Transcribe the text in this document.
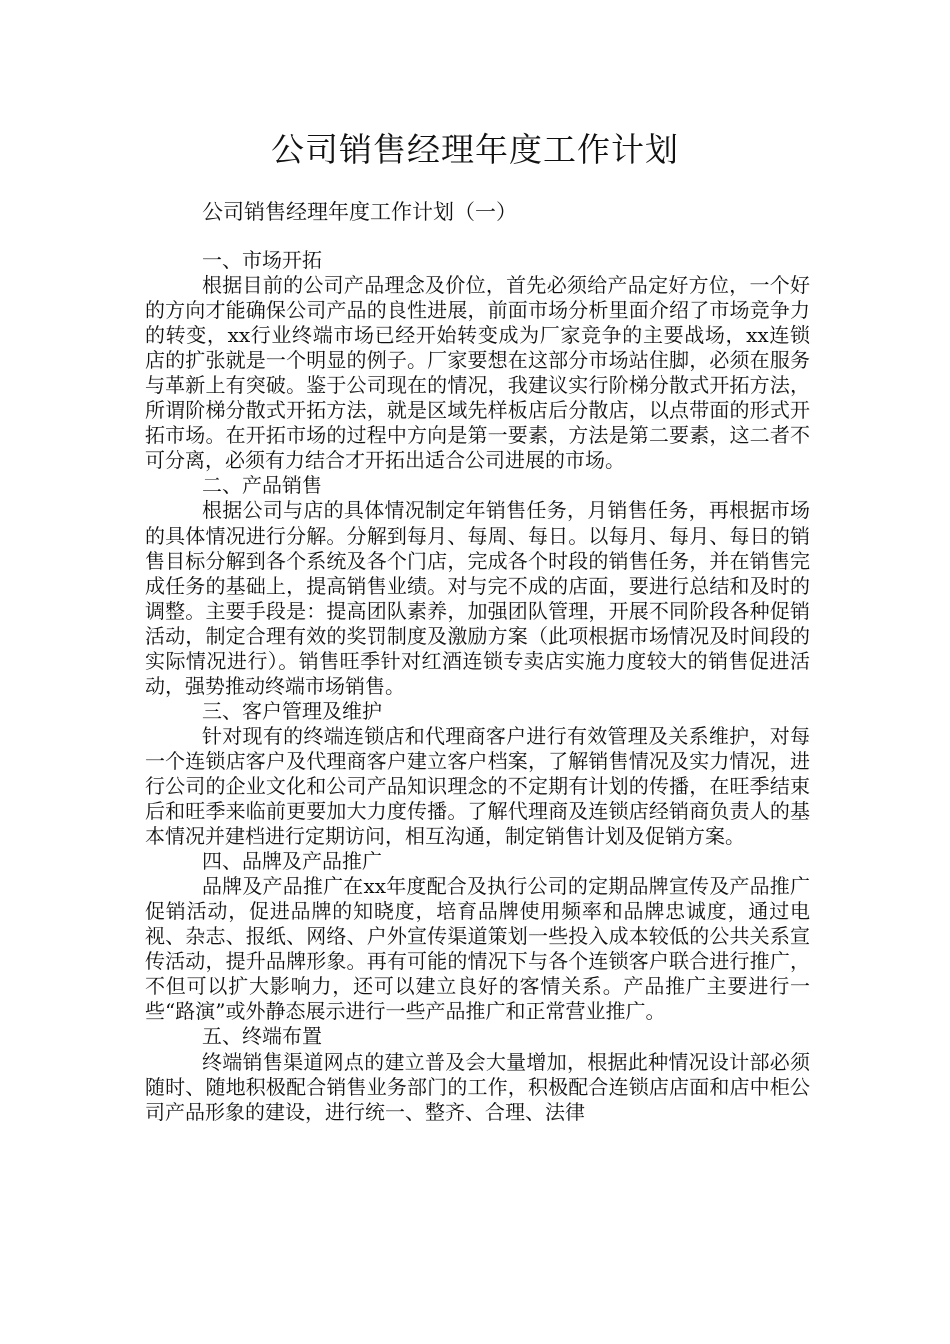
公司销售经理年度工作计划
公司销售经理年度工作计划（一）

一、市场开拓

根据目前的公司产品理念及价位，首先必须给产品定好方位，一个好的方向才能确保公司产品的良性进展，前面市场分析里面介绍了市场竞争力的转变，xx行业终端市场已经开始转变成为厂家竞争的主要战场，xx连锁店的扩张就是一个明显的例子。厂家要想在这部分市场站住脚，必须在服务与革新上有突破。鉴于公司现在的情况，我建议实行阶梯分散式开拓方法，所谓阶梯分散式开拓方法，就是区域先样板店后分散店，以点带面的形式开拓市场。在开拓市场的过程中方向是第一要素，方法是第二要素，这二者不可分离，必须有力结合才开拓出适合公司进展的市场。

二、产品销售

根据公司与店的具体情况制定年销售任务，月销售任务，再根据市场的具体情况进行分解。分解到每月、每周、每日。以每月、每月、每日的销售目标分解到各个系统及各个门店，完成各个时段的销售任务，并在销售完成任务的基础上，提高销售业绩。对与完不成的店面，要进行总结和及时的调整。主要手段是：提高团队素养，加强团队管理，开展不同阶段各种促销活动，制定合理有效的奖罚制度及激励方案（此项根据市场情况及时间段的实际情况进行）。销售旺季针对红酒连锁专卖店实施力度较大的销售促进活动，强势推动终端市场销售。

三、客户管理及维护

针对现有的终端连锁店和代理商客户进行有效管理及关系维护，对每一个连锁店客户及代理商客户建立客户档案，了解销售情况及实力情况，进行公司的企业文化和公司产品知识理念的不定期有计划的传播，在旺季结束后和旺季来临前更要加大力度传播。了解代理商及连锁店经销商负责人的基本情况并建档进行定期访问，相互沟通，制定销售计划及促销方案。

四、品牌及产品推广

品牌及产品推广在xx年度配合及执行公司的定期品牌宣传及产品推广促销活动，促进品牌的知晓度，培育品牌使用频率和品牌忠诚度，通过电视、杂志、报纸、网络、户外宣传渠道策划一些投入成本较低的公共关系宣传活动，提升品牌形象。再有可能的情况下与各个连锁客户联合进行推广，不但可以扩大影响力，还可以建立良好的客情关系。产品推广主要进行一些“路演”或外静态展示进行一些产品推广和正常营业推广。

五、终端布置

终端销售渠道网点的建立普及会大量增加，根据此种情况设计部必须随时、随地积极配合销售业务部门的工作，积极配合连锁店店面和店中柜公司产品形象的建设，进行统一、整齐、合理、法律
